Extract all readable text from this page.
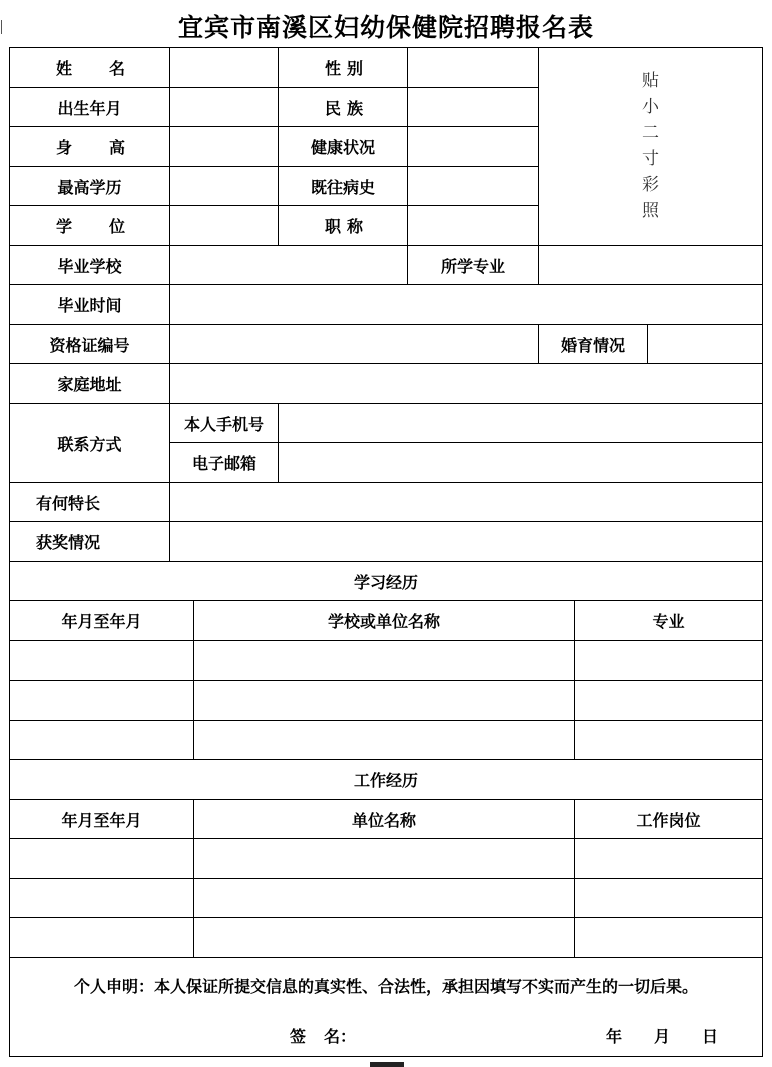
宜宾市南溪区妇幼保健院招聘报名表
姓 名	性 别
贴
小
二
寸
彩
照
出生年月	民 族
身 高	健康状况
最高学历	既往病史
学 位	职 称
毕业学校	所学专业
毕业时间
资格证编号	婚育情况
家庭地址
联系方式
本人手机号
电子邮箱
有何特长
获奖情况
学习经历
年月至年月	学校或单位名称	专业
工作经历
年月至年月	单位名称	工作岗位
个人申明：本人保证所提交信息的真实性、合法性，承担因填写不实而产生的一切后果。
签 名：	年 月 日
